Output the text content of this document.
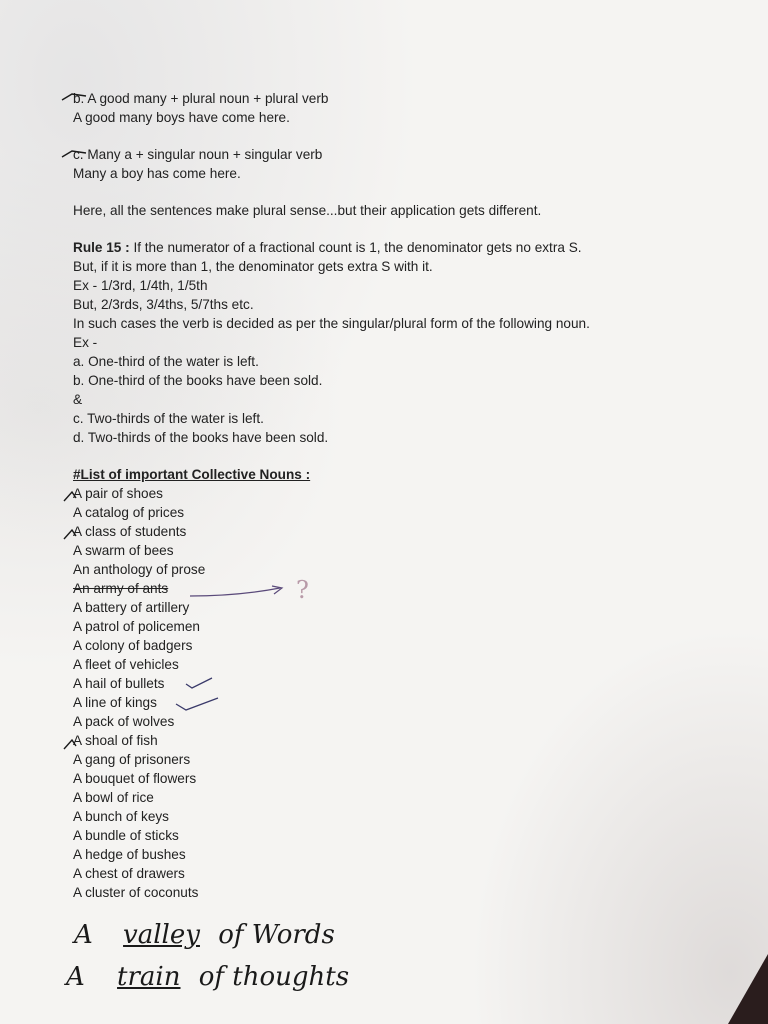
b. A good many + plural noun + plural verb
A good many boys have come here.
c. Many a + singular noun + singular verb
Many a boy has come here.
Here, all the sentences make plural sense...but their application gets different.
Rule 15 : If the numerator of a fractional count is 1, the denominator gets no extra S.
But, if it is more than 1, the denominator gets extra S with it.
Ex - 1/3rd, 1/4th, 1/5th
But, 2/3rds, 3/4ths, 5/7ths etc.
In such cases the verb is decided as per the singular/plural form of the following noun.
Ex -
a. One-third of the water is left.
b. One-third of the books have been sold.
&
c. Two-thirds of the water is left.
d. Two-thirds of the books have been sold.
#List of important Collective Nouns :
A pair of shoes
A catalog of prices
A class of students
A swarm of bees
An anthology of prose
An army of ants
A battery of artillery
A patrol of policemen
A colony of badgers
A fleet of vehicles
A hail of bullets
A line of kings
A pack of wolves
A shoal of fish
A gang of prisoners
A bouquet of flowers
A bowl of rice
A bunch of keys
A bundle of sticks
A hedge of bushes
A chest of drawers
A cluster of coconuts
?
A valley of Words
A train of thoughts
